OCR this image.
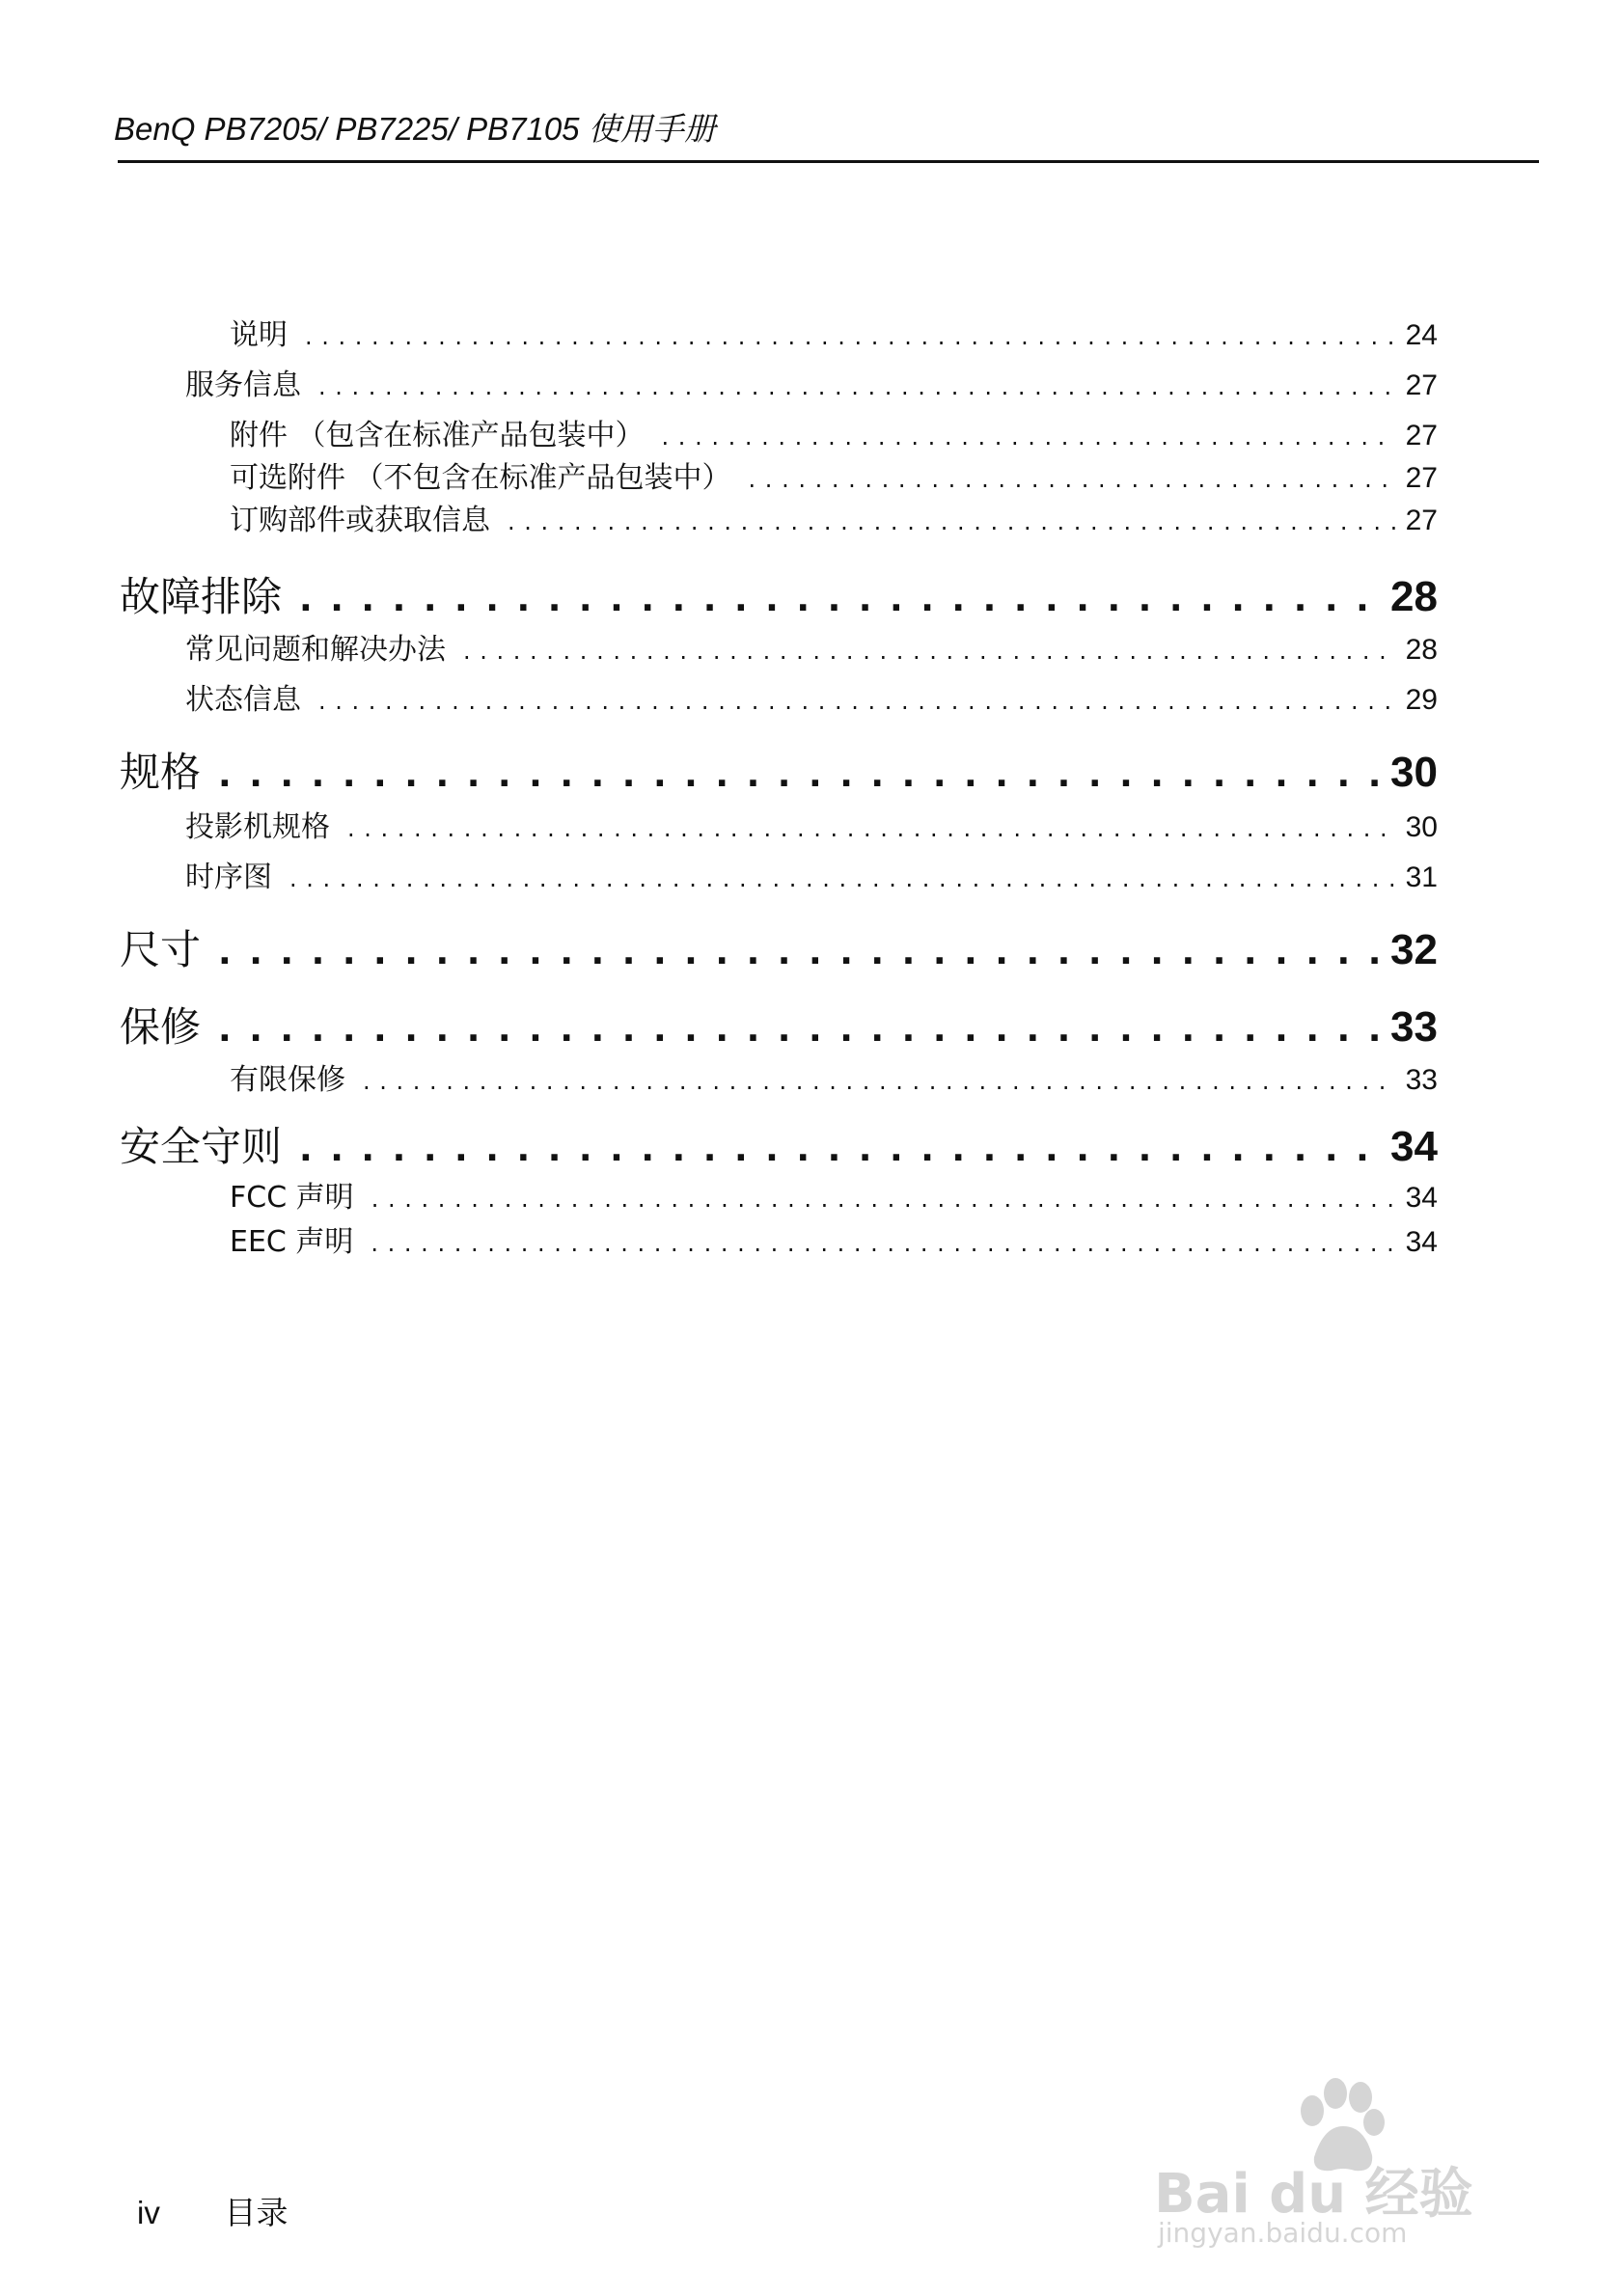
BenQ PB7205/ PB7225/ PB7105 使用手册
说明 . . .	24
服务信息 . . .	27
附件 （包含在标准产品包装中） . . .	27
可选附件 （不包含在标准产品包装中） . . .	27
订购部件或获取信息 . . .	27
故障排除 . . .	28
常见问题和解决办法 . . .	28
状态信息 . . .	29
规格 . . .	30
投影机规格 . . .	30
时序图 . . .	31
尺寸 . . .	32
保修 . . .	33
有限保修 . . .	33
安全守则 . . .	34
FCC 声明 . . .	34
EEC 声明 . . .	34
iv 目录	Bai du 经验
jingyan.baidu.com
